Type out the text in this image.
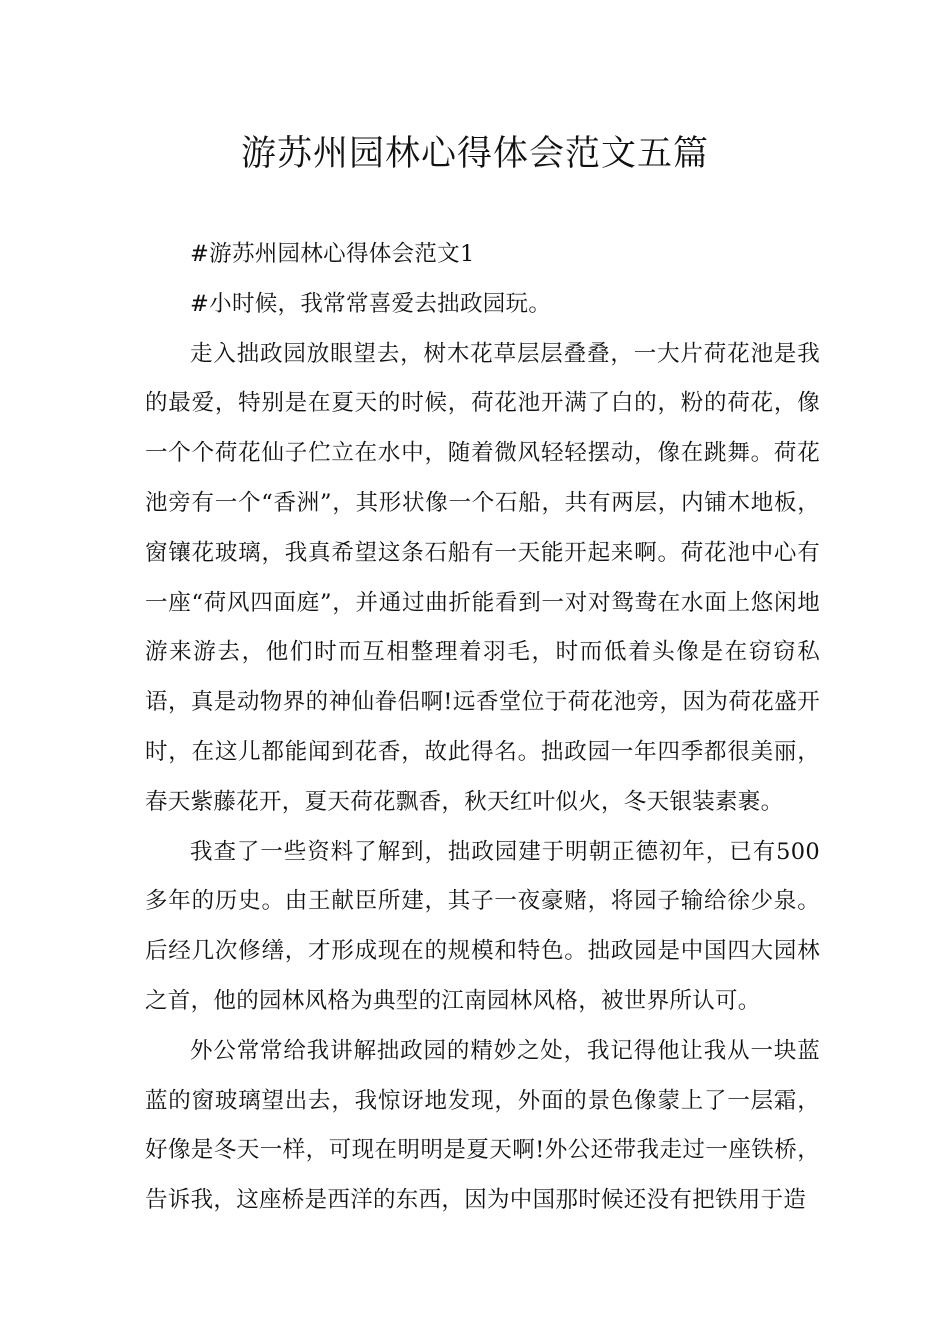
游苏州园林心得体会范文五篇

#游苏州园林心得体会范文1

#小时候，我常常喜爱去拙政园玩。

走入拙政园放眼望去，树木花草层层叠叠，一大片荷花池是我的最爱，特别是在夏天的时候，荷花池开满了白的，粉的荷花，像一个个荷花仙子伫立在水中，随着微风轻轻摆动，像在跳舞。荷花池旁有一个“香洲”，其形状像一个石船，共有两层，内铺木地板，窗镶花玻璃，我真希望这条石船有一天能开起来啊。荷花池中心有一座“荷风四面庭”，并通过曲折能看到一对对鸳鸯在水面上悠闲地游来游去，他们时而互相整理着羽毛，时而低着头像是在窃窃私语，真是动物界的神仙眷侣啊!远香堂位于荷花池旁，因为荷花盛开时，在这儿都能闻到花香，故此得名。拙政园一年四季都很美丽，春天紫藤花开，夏天荷花飘香，秋天红叶似火，冬天银装素裹。

我查了一些资料了解到，拙政园建于明朝正德初年，已有500多年的历史。由王献臣所建，其子一夜豪赌，将园子输给徐少泉。后经几次修缮，才形成现在的规模和特色。拙政园是中国四大园林之首，他的园林风格为典型的江南园林风格，被世界所认可。

外公常常给我讲解拙政园的精妙之处，我记得他让我从一块蓝蓝的窗玻璃望出去，我惊讶地发现，外面的景色像蒙上了一层霜，好像是冬天一样，可现在明明是夏天啊!外公还带我走过一座铁桥，告诉我，这座桥是西洋的东西，因为中国那时候还没有把铁用于造
